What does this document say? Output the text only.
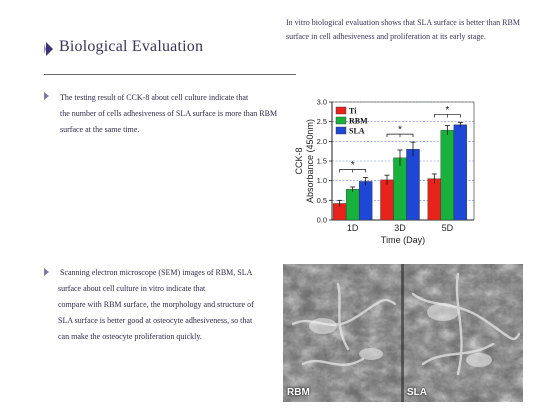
In vitro biological evaluation shows that SLA surface is better than RBM surface in cell adhesiveness and proliferation at its early stage.
Biological Evaluation
The testing result of CCK-8 about cell culture indicate that
the number of cells adhesiveness of SLA surface is more than RBM
surface at the same time.
Scanning electron microscope (SEM) images of RBM, SLA
surface about cell culture in vitro indicate that
compare with RBM surface, the morphology and structure of
SLA surface is better good at osteocyte adhesiveness, so that
can make the osteocyte proliferation quickly.
0.0
0.5
1.0
1.5
2.0
2.5
3.0
*
1D
*
3D
*
5D
Time (Day)
CCK-8 Absorbance (450nm)
Ti
RBM
SLA
RBM	SLA
